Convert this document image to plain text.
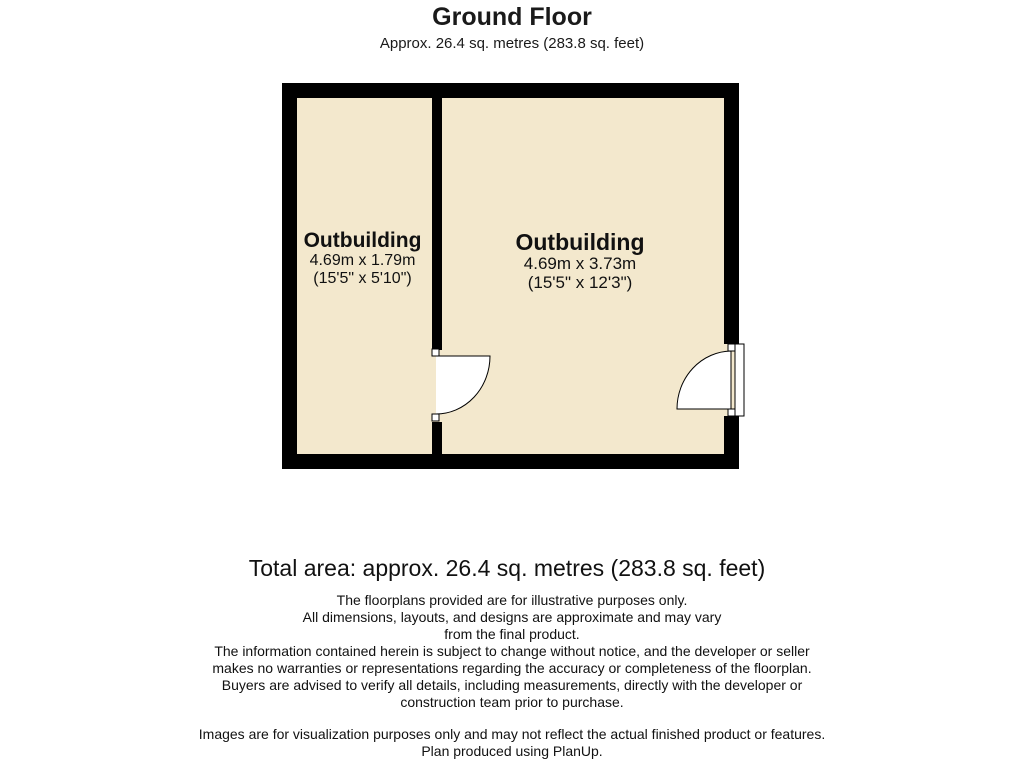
Ground Floor
Approx. 26.4 sq. metres (283.8 sq. feet)
Outbuilding
4.69m x 1.79m
(15'5" x 5'10")
Outbuilding
4.69m x 3.73m
(15'5" x 12'3")
Total area: approx. 26.4 sq. metres (283.8 sq. feet)
The floorplans provided are for illustrative purposes only.
All dimensions, layouts, and designs are approximate and may vary
from the final product.
The information contained herein is subject to change without notice, and the developer or seller
makes no warranties or representations regarding the accuracy or completeness of the floorplan.
Buyers are advised to verify all details, including measurements, directly with the developer or
construction team prior to purchase.
Images are for visualization purposes only and may not reflect the actual finished product or features.
Plan produced using PlanUp.
